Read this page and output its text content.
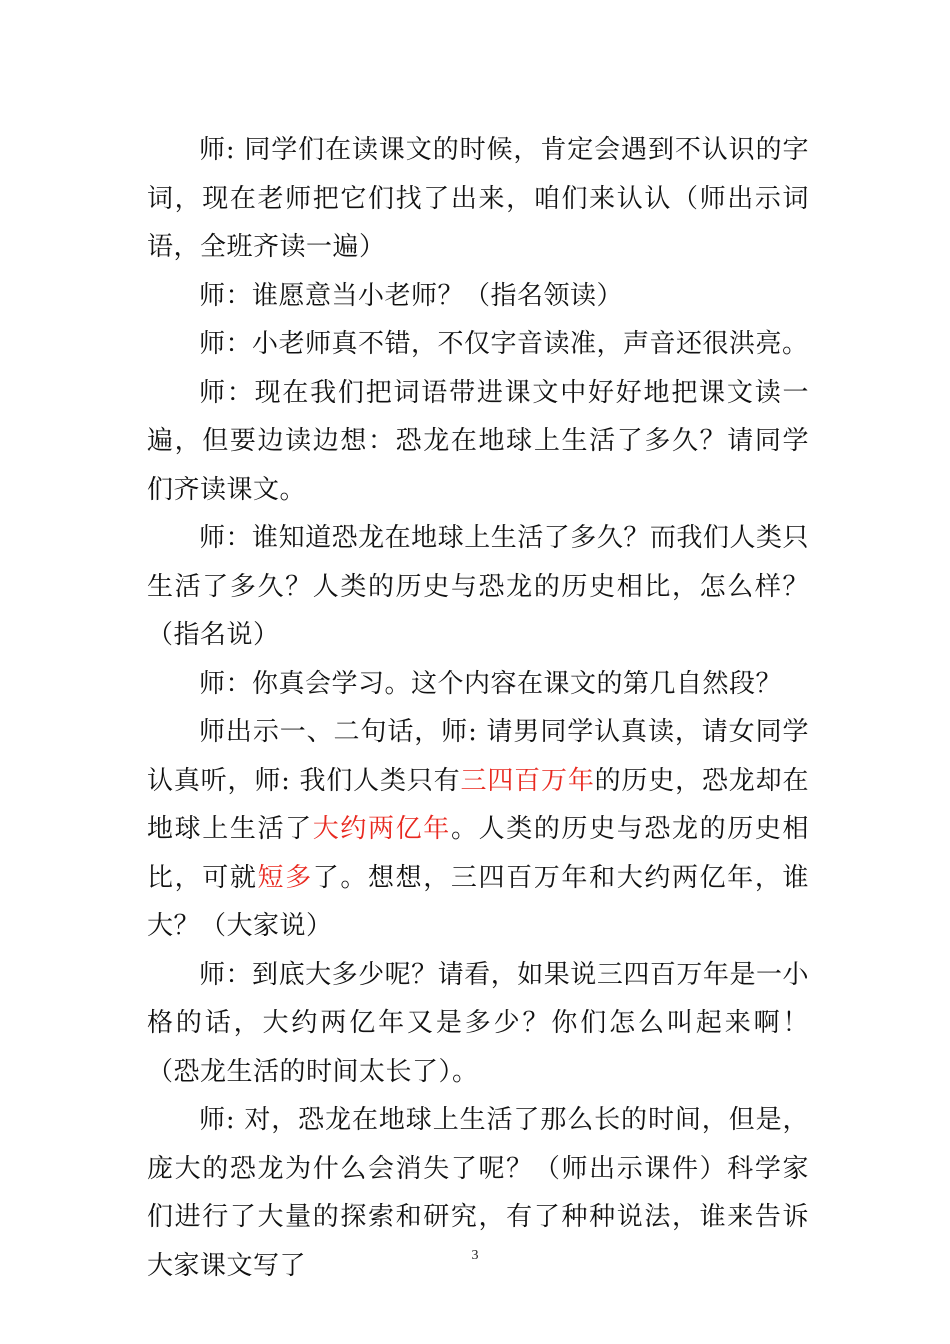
师: 同学们在读课文的时候，肯定会遇到不认识的字词，现在老师把它们找了出来，咱们来认认（师出示词语，全班齐读一遍）

师：谁愿意当小老师？（指名领读）

师：小老师真不错，不仅字音读准，声音还很洪亮。

师：现在我们把词语带进课文中好好地把课文读一遍，但要边读边想：恐龙在地球上生活了多久？请同学们齐读课文。

师：谁知道恐龙在地球上生活了多久？而我们人类只生活了多久？人类的历史与恐龙的历史相比，怎么样？（指名说）

师：你真会学习。这个内容在课文的第几自然段？

师出示一、二句话，师: 请男同学认真读，请女同学认真听，师: 我们人类只有三四百万年的历史，恐龙却在地球上生活了大约两亿年。人类的历史与恐龙的历史相比，可就短多了。想想，三四百万年和大约两亿年，谁大？（大家说）

师：到底大多少呢？请看，如果说三四百万年是一小格的话，大约两亿年又是多少？你们怎么叫起来啊！（恐龙生活的时间太长了）。

师: 对，恐龙在地球上生活了那么长的时间，但是，庞大的恐龙为什么会消失了呢？（师出示课件）科学家们进行了大量的探索和研究，有了种种说法，谁来告诉大家课文写了	3
